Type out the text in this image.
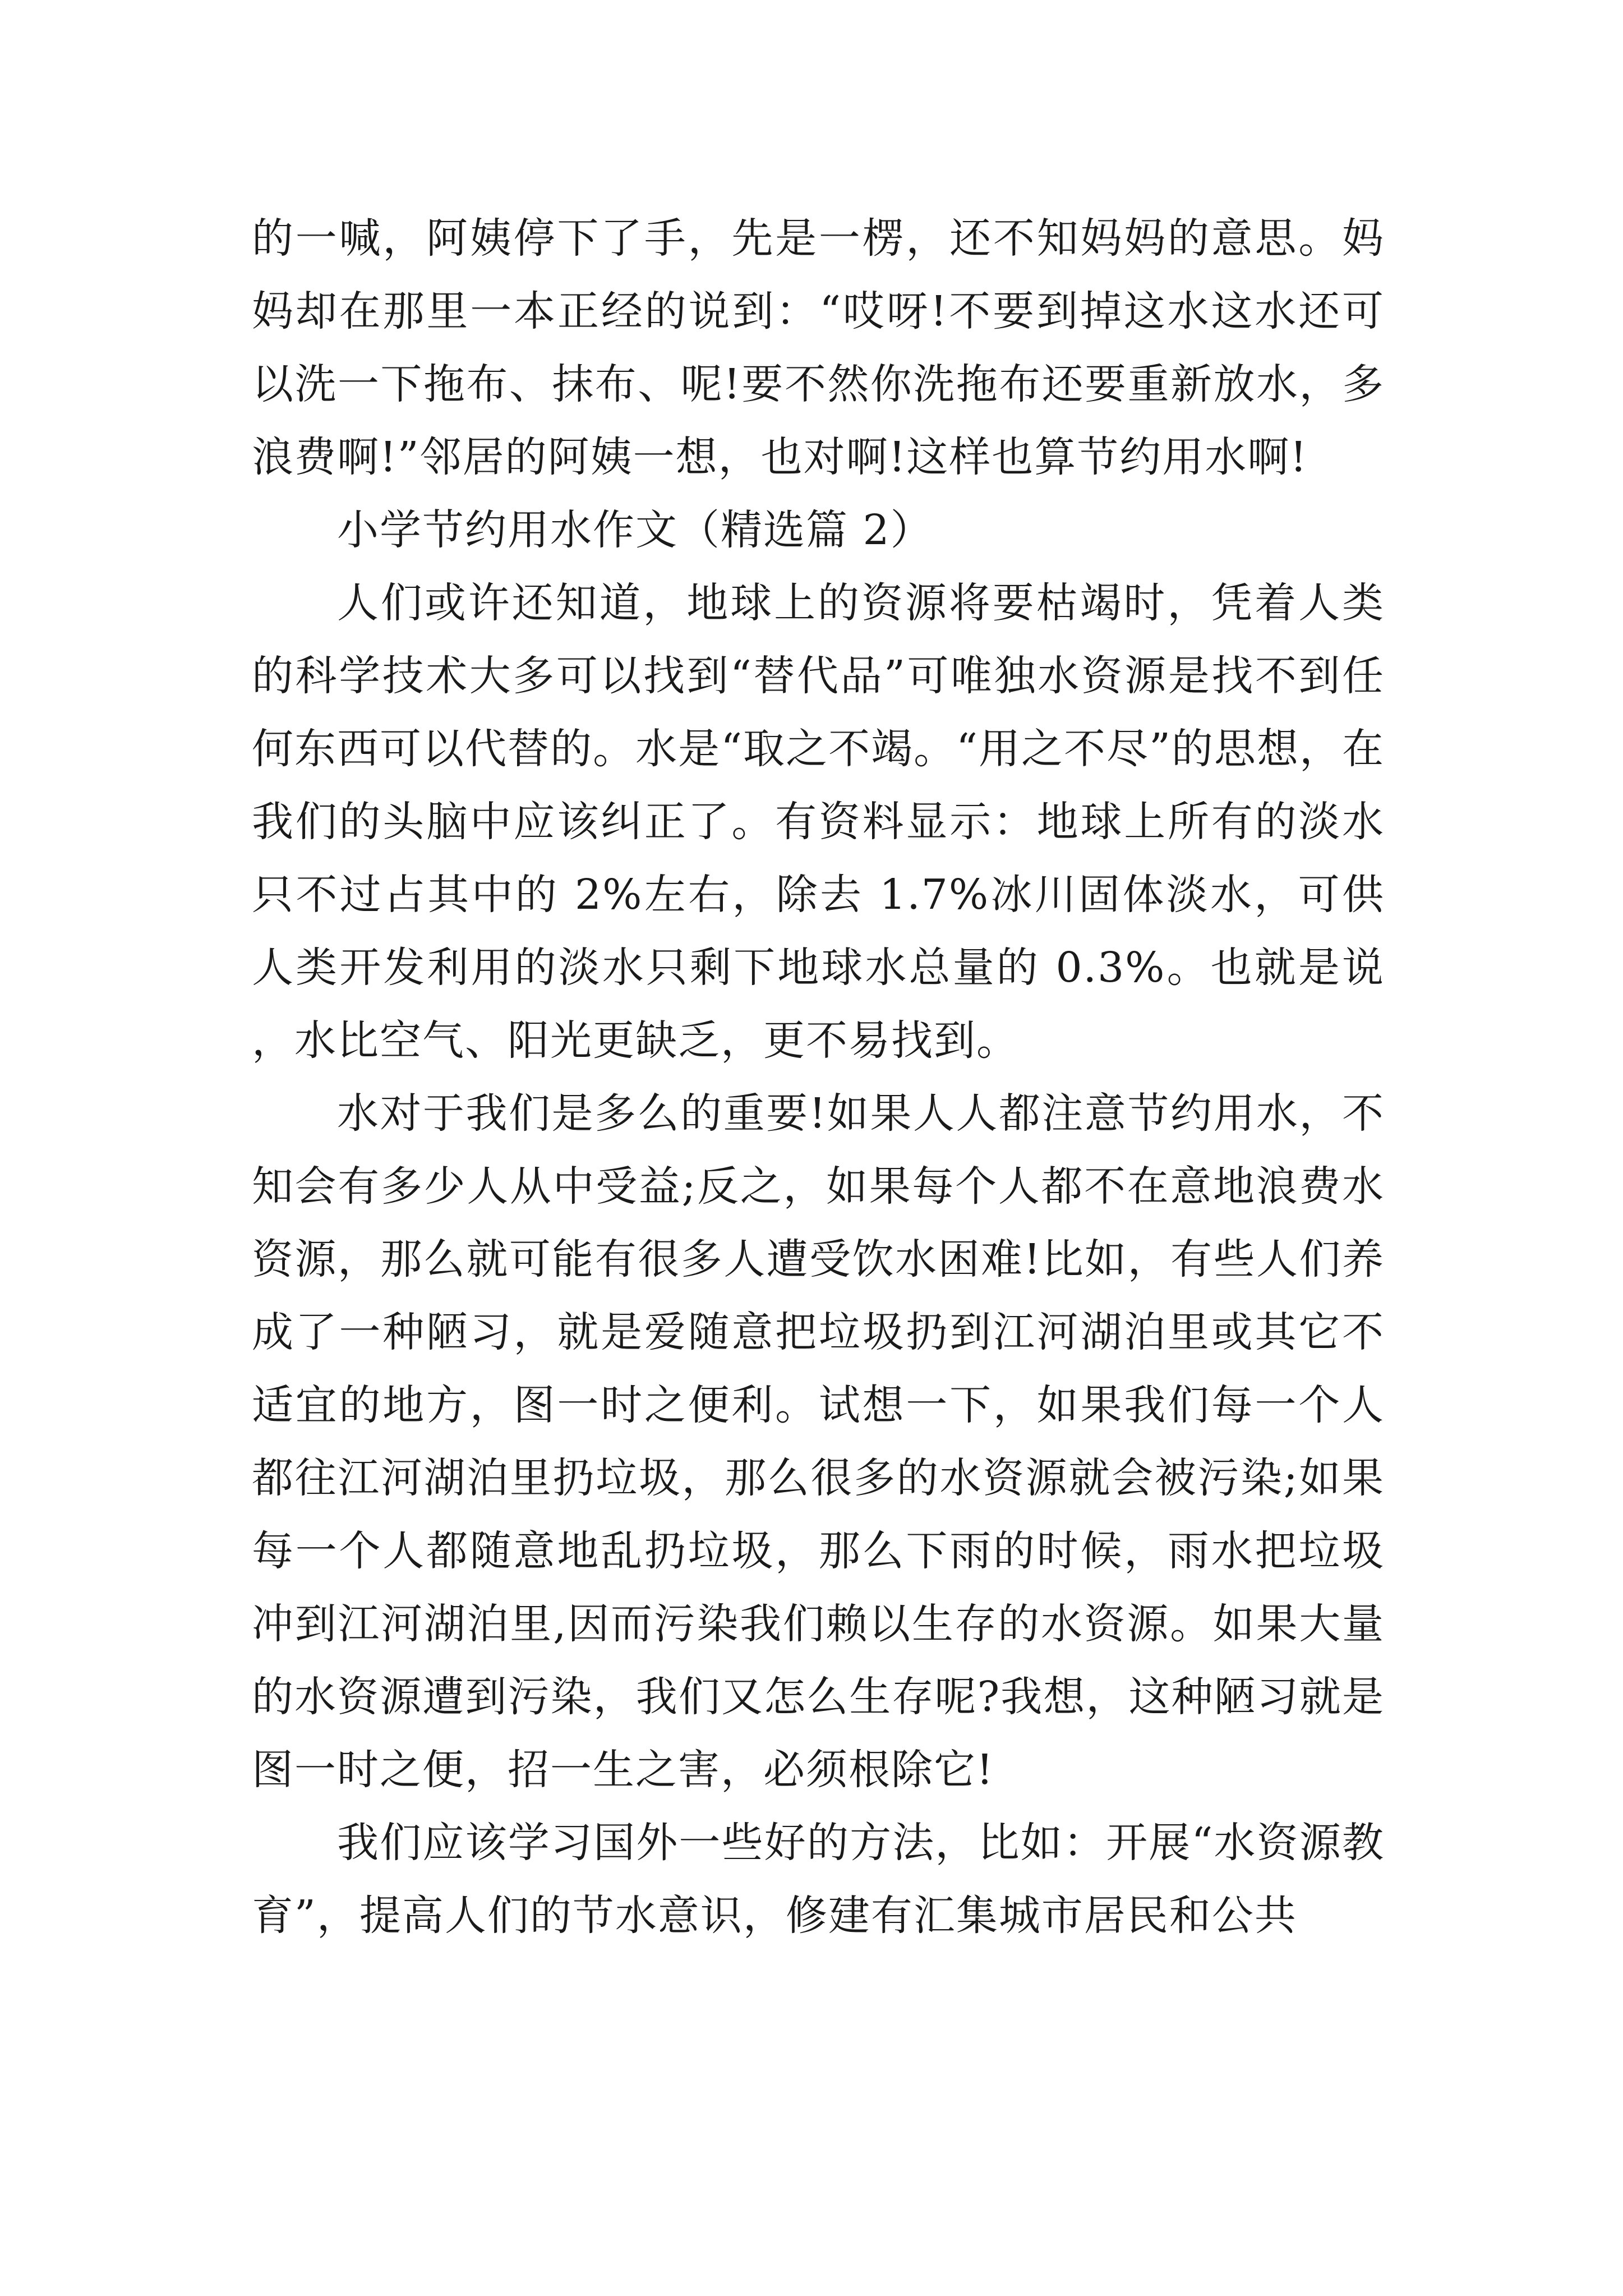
的一喊，阿姨停下了手，先是一楞，还不知妈妈的意思。妈妈却在那里一本正经的说到：“哎呀!不要到掉这水这水还可以洗一下拖布、抹布、呢!要不然你洗拖布还要重新放水，多浪费啊!”邻居的阿姨一想，也对啊!这样也算节约用水啊!

小学节约用水作文（精选篇 2）

人们或许还知道，地球上的资源将要枯竭时，凭着人类的科学技术大多可以找到“替代品”可唯独水资源是找不到任何东西可以代替的。水是“取之不竭。“用之不尽”的思想，在我们的头脑中应该纠正了。有资料显示：地球上所有的淡水只不过占其中的 2%左右，除去 1.7%冰川固体淡水，可供人类开发利用的淡水只剩下地球水总量的 0.3%。也就是说，水比空气、阳光更缺乏，更不易找到。

水对于我们是多么的重要!如果人人都注意节约用水，不知会有多少人从中受益;反之，如果每个人都不在意地浪费水资源，那么就可能有很多人遭受饮水困难!比如，有些人们养成了一种陋习，就是爱随意把垃圾扔到江河湖泊里或其它不适宜的地方，图一时之便利。试想一下，如果我们每一个人都往江河湖泊里扔垃圾，那么很多的水资源就会被污染;如果每一个人都随意地乱扔垃圾，那么下雨的时候，雨水把垃圾冲到江河湖泊里,因而污染我们赖以生存的水资源。如果大量的水资源遭到污染，我们又怎么生存呢?我想，这种陋习就是图一时之便，招一生之害，必须根除它!

我们应该学习国外一些好的方法，比如：开展“水资源教育”，提高人们的节水意识，修建有汇集城市居民和公共
